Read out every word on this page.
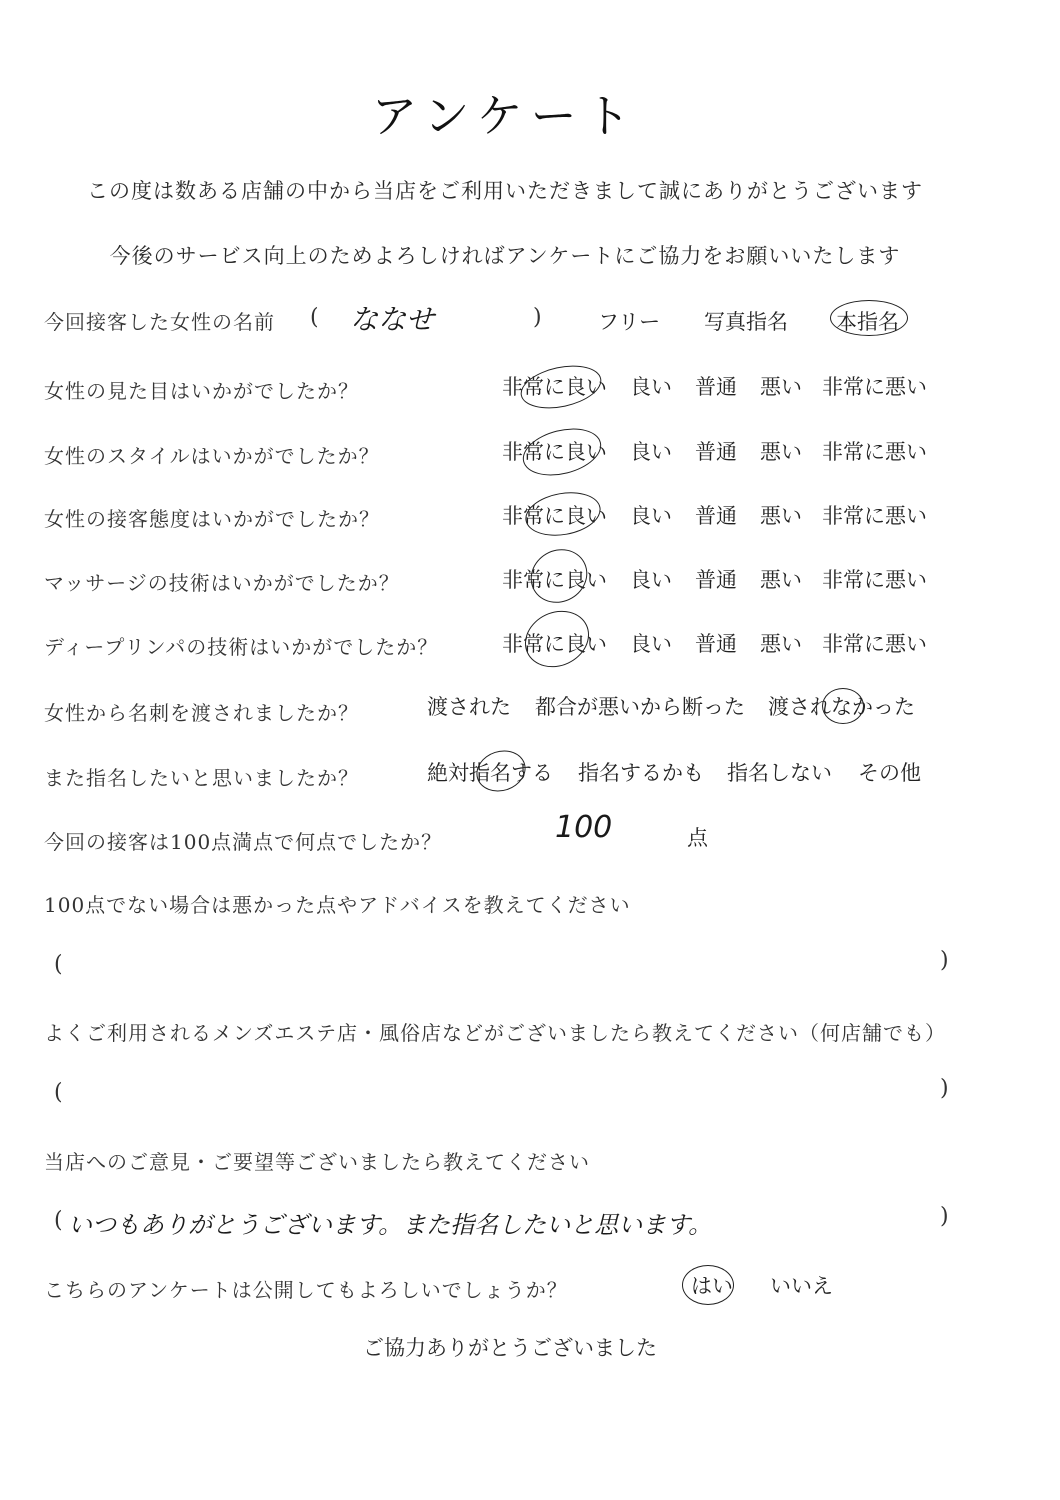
アンケート
この度は数ある店舗の中から当店をご利用いただきまして誠にありがとうございます
今後のサービス向上のためよろしければアンケートにご協力をお願いいたします
今回接客した女性の名前 ( ななせ	)	フリー 写真指名 本指名
女性の見た目はいかがでしたか？	非常に良い 良い 普通 悪い 非常に悪い
女性のスタイルはいかがでしたか？	非常に良い 良い 普通 悪い 非常に悪い
女性の接客態度はいかがでしたか？	非常に良い 良い 普通 悪い 非常に悪い
マッサージの技術はいかがでしたか？	非常に良い 良い 普通 悪い 非常に悪い
ディープリンパの技術はいかがでしたか？	非常に良い 良い 普通 悪い 非常に悪い
女性から名刺を渡されましたか？	渡された 都合が悪いから断った 渡されなかった
また指名したいと思いましたか？	絶対指名する 指名するかも 指名しない その他
今回の接客は100点満点で何点でしたか？	100	点
100点でない場合は悪かった点やアドバイスを教えてください
(	)
よくご利用されるメンズエステ店・風俗店などがございましたら教えてください（何店舗でも）
(	)
当店へのご意見・ご要望等ございましたら教えてください
( いつもありがとうございます。また指名したいと思います。	)
こちらのアンケートは公開してもよろしいでしょうか？	はい いいえ
ご協力ありがとうございました
